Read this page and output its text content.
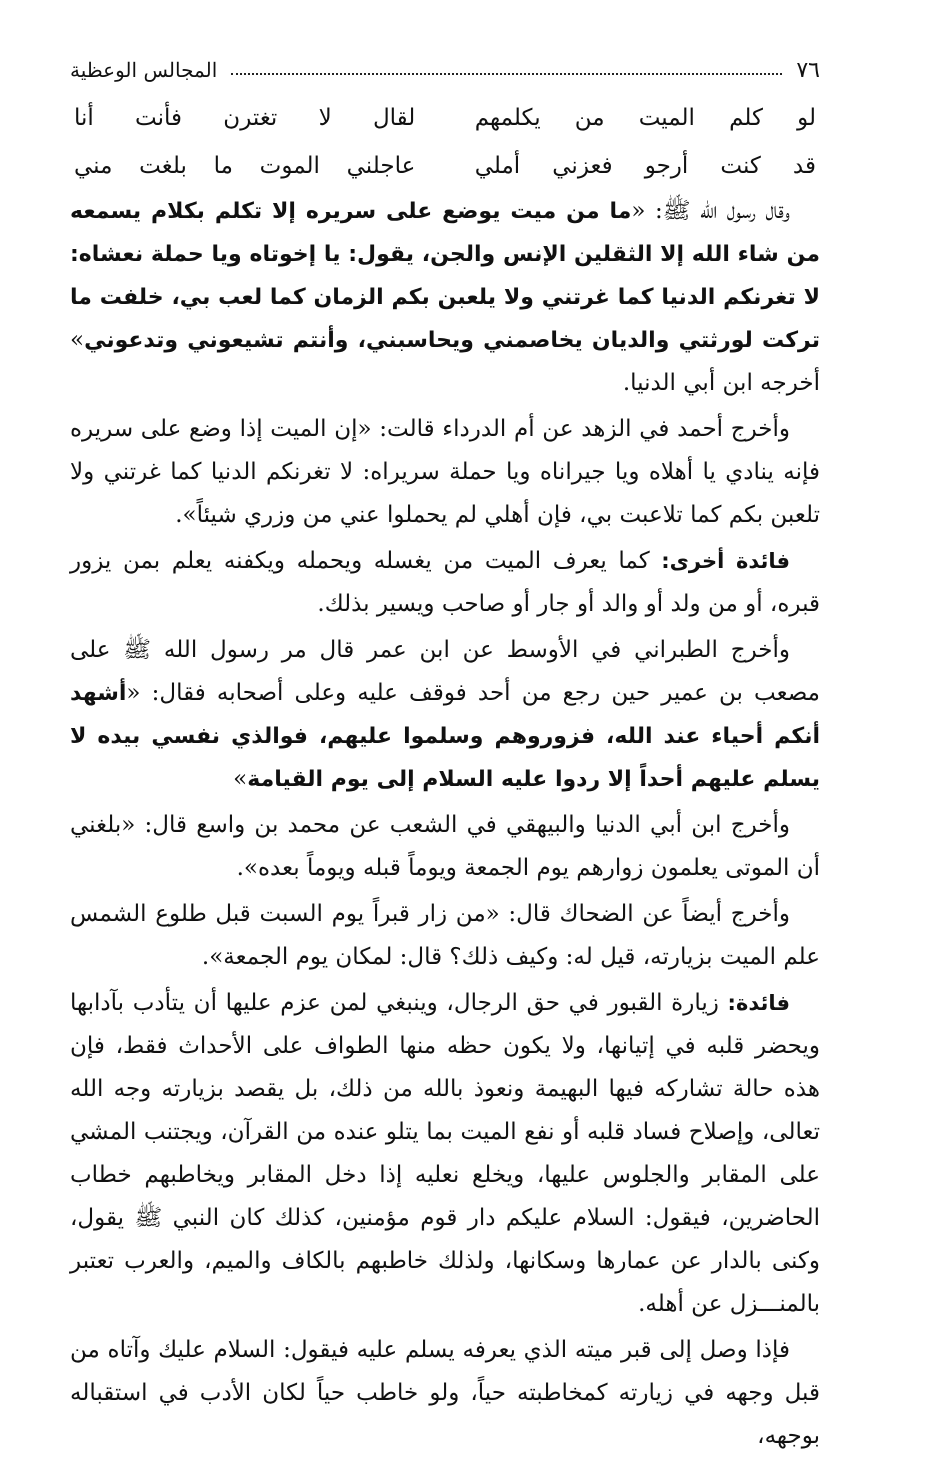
٧٦
المجالس الوعظية
لو كلم الميت من يكلمهم
لقال لا تغترن فأنت أنا
قد كنت أرجو فعزني أملي
عاجلني الموت ما بلغت مني

وقال رسول الله ﷺ: «ما من ميت يوضع على سريره إلا تكلم بكلام يسمعه من شاء الله إلا الثقلين الإنس والجن، يقول: يا إخوتاه ويا حملة نعشاه: لا تغرنكم الدنيا كما غرتني ولا يلعبن بكم الزمان كما لعب بي، خلفت ما تركت لورثتي والديان يخاصمني ويحاسبني، وأنتم تشيعوني وتدعوني» أخرجه ابن أبي الدنيا.

وأخرج أحمد في الزهد عن أم الدرداء قالت: «إن الميت إذا وضع على سريره فإنه ينادي يا أهلاه ويا جيراناه ويا حملة سريراه: لا تغرنكم الدنيا كما غرتني ولا تلعبن بكم كما تلاعبت بي، فإن أهلي لم يحملوا عني من وزري شيئاً».

فائدة أخرى: كما يعرف الميت من يغسله ويحمله ويكفنه يعلم بمن يزور قبره، أو من ولد أو والد أو جار أو صاحب ويسير بذلك.

وأخرج الطبراني في الأوسط عن ابن عمر قال مر رسول الله ﷺ على مصعب بن عمير حين رجع من أحد فوقف عليه وعلى أصحابه فقال: «أشهد أنكم أحياء عند الله، فزوروهم وسلموا عليهم، فوالذي نفسي بيده لا يسلم عليهم أحداً إلا ردوا عليه السلام إلى يوم القيامة»

وأخرج ابن أبي الدنيا والبيهقي في الشعب عن محمد بن واسع قال: «بلغني أن الموتى يعلمون زوارهم يوم الجمعة ويوماً قبله ويوماً بعده».

وأخرج أيضاً عن الضحاك قال: «من زار قبراً يوم السبت قبل طلوع الشمس علم الميت بزيارته، قيل له: وكيف ذلك؟ قال: لمكان يوم الجمعة».

فائدة: زيارة القبور في حق الرجال، وينبغي لمن عزم عليها أن يتأدب بآدابها ويحضر قلبه في إتيانها، ولا يكون حظه منها الطواف على الأحداث فقط، فإن هذه حالة تشاركه فيها البهيمة ونعوذ بالله من ذلك، بل يقصد بزيارته وجه الله تعالى، وإصلاح فساد قلبه أو نفع الميت بما يتلو عنده من القرآن، ويجتنب المشي على المقابر والجلوس عليها، ويخلع نعليه إذا دخل المقابر ويخاطبهم خطاب الحاضرين، فيقول: السلام عليكم دار قوم مؤمنين، كذلك كان النبي ﷺ يقول، وكنى بالدار عن عمارها وسكانها، ولذلك خاطبهم بالكاف والميم، والعرب تعتبر بالمنـــزل عن أهله.

فإذا وصل إلى قبر ميته الذي يعرفه يسلم عليه فيقول: السلام عليك وآتاه من قبل وجهه في زيارته كمخاطبته حياً، ولو خاطب حياً لكان الأدب في استقباله بوجهه،
